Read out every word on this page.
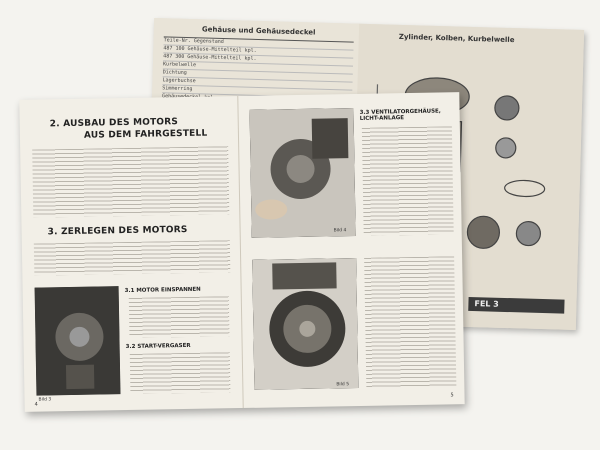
Gehäuse und Gehäusedeckel
Teile-Nr. Gegenstand
487 100 Gehäuse-Mittelteil kpl.
487 300 Gehäuse-Mittelteil kpl.
Kurbelwelle
Dichtung
Lagerbuchse
Simmerring
Zylinder, Kolben, Kurbelwelle
FEL 3
2. AUSBAU DES MOTORS
AUS DEM FAHRGESTELL
3. ZERLEGEN DES MOTORS
Bild 3
3.1 MOTOR EINSPANNEN
3.2 START-VERGASER
4
Bild 4
3.3 VENTILATORGEHÄUSE, LICHT-ANLAGE
Bild 5
5
